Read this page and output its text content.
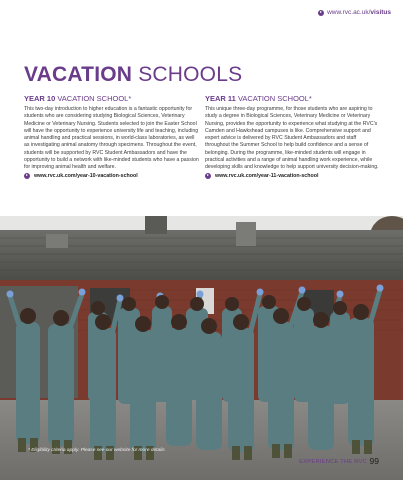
www.rvc.ac.uk/ visitus
VACATION SCHOOLS
YEAR 10 VACATION SCHOOL*

This two-day introduction to higher education is a fantastic opportunity for students who are considering studying Biological Sciences, Veterinary Medicine or Veterinary Nursing. Students selected to join the Easter School will have the opportunity to experience university life and teaching, including animal handling and practical sessions, in world-class laboratories, as well as investigating animal anatomy through specimens. Throughout the event, students will be supported by RVC Student Ambassadors and have the opportunity to build a network with like-minded students who have a passion for improving animal health and welfare.

www.rvc.uk.com/year-10-vacation-school
YEAR 11 VACATION SCHOOL*

This unique three-day programme, for those students who are aspiring to study a degree in Biological Sciences, Veterinary Medicine or Veterinary Nursing, provides the opportunity to experience what studying at the RVC’s Camden and Hawkshead campuses is like. Comprehensive support and expert advice is delivered by RVC Student Ambassadors and staff throughout the Summer School to help build confidence and a sense of belonging. During the programme, like-minded students will engage in practical activities and a range of animal handling work experience, while developing skills and knowledge to help support university decision-making.

www.rvc.uk.com/year-11-vacation-school
* Eligibility criteria apply. Please see our website for more details
EXPERIENCE THE RVC 99
